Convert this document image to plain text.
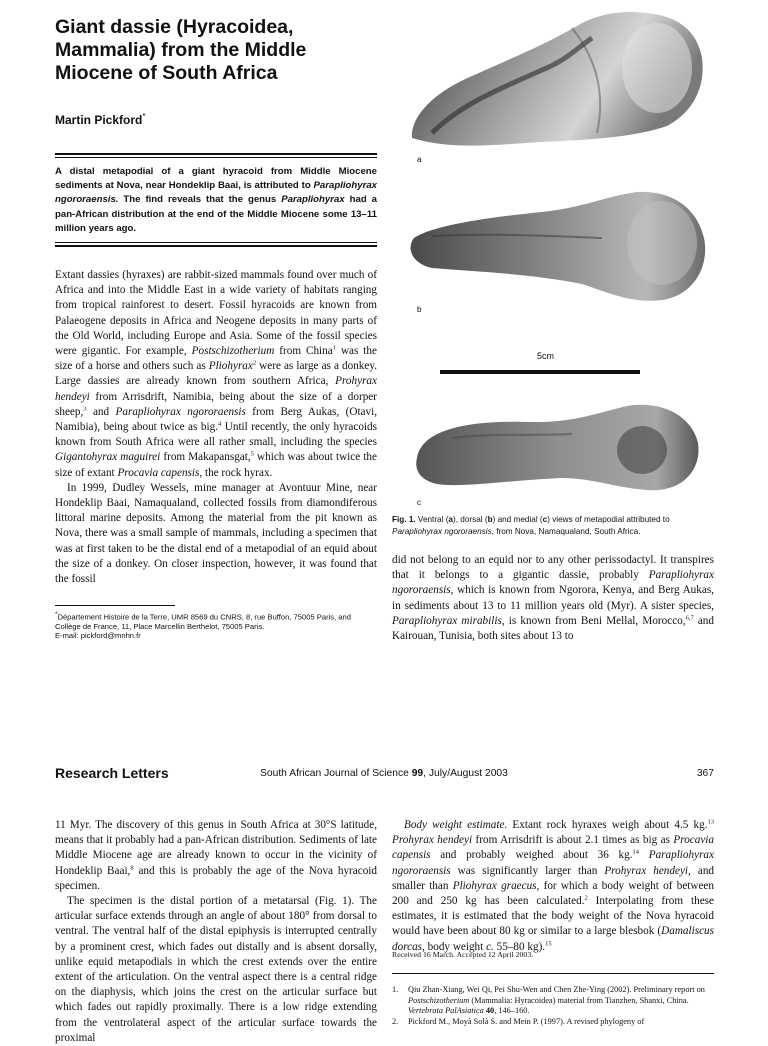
Giant dassie (Hyracoidea, Mammalia) from the Middle Miocene of South Africa
Martin Pickford*
A distal metapodial of a giant hyracoid from Middle Miocene sediments at Nova, near Hondeklip Baai, is attributed to Parapliohyrax ngororaensis. The find reveals that the genus Parapliohyrax had a pan-African distribution at the end of the Middle Miocene some 13–11 million years ago.

Extant dassies (hyraxes) are rabbit-sized mammals found over much of Africa and into the Middle East in a wide variety of habitats ranging from tropical rainforest to desert. Fossil hyracoids are known from Palaeogene deposits in Africa and Neogene deposits in many parts of the Old World, including Europe and Asia. Some of the fossil species were gigantic. For example, Postschizotherium from China$^1$ was the size of a horse and others such as Pliohyrax$^2$ were as large as a donkey. Large dassies are already known from southern Africa, Prohyrax hendeyi from Arrisdrift, Namibia, being about the size of a dorper sheep,$^3$ and Parapliohyrax ngororaensis from Berg Aukas, (Otavi, Namibia), being about twice as big.$^4$ Until recently, the only hyracoids known from South Africa were all rather small, including the species Gigantohyrax maguirei from Makapansgat,$^5$ which was about twice the size of extant Procavia capensis, the rock hyrax.

In 1999, Dudley Wessels, mine manager at Avontuur Mine, near Hondeklip Baai, Namaqualand, collected fossils from diamondiferous littoral marine deposits. Among the material from the pit known as Nova, there was a small sample of mammals, including a specimen that was at first taken to be the distal end of a metapodial of an equid about the size of a donkey. On closer inspection, however, it was found that the fossil

*Département Histoire de la Terre, UMR 8569 du CNRS, 8, rue Buffon, 75005 Paris, and Collège de France, 11, Place Marcellin Berthelot, 75005 Paris.
E-mail: pickford@mnhn.fr
a
b
5cm
c
Fig. 1. Ventral (a), dorsal (b) and medial (c) views of metapodial attributed to Parapliohyrax ngororaensis, from Nova, Namaqualand, South Africa.

did not belong to an equid nor to any other perissodactyl. It transpires that it belongs to a gigantic dassie, probably Parapliohyrax ngororaensis, which is known from Ngorora, Kenya, and Berg Aukas, in sediments about 13 to 11 million years old (Myr). A sister species, Parapliohyrax mirabilis, is known from Beni Mellal, Morocco,$^{6,7}$ and Kairouan, Tunisia, both sites about 13 to

Research Letters	South African Journal of Science 99, July/August 2003	367

11 Myr. The discovery of this genus in South Africa at 30°S latitude, means that it probably had a pan-African distribution. Sediments of late Middle Miocene age are already known to occur in the vicinity of Hondeklip Baai,$^8$ and this is probably the age of the Nova hyracoid specimen.

The specimen is the distal portion of a metatarsal (Fig. 1). The articular surface extends through an angle of about 180° from dorsal to ventral. The ventral half of the distal epiphysis is interrupted centrally by a prominent crest, which fades out distally and is absent dorsally, unlike equid metapodials in which the crest extends over the entire extent of the articulation. On the ventral aspect there is a central ridge on the diaphysis, which joins the crest on the articular surface but which fades out rapidly proximally. There is a low ridge extending from the ventrolateral aspect of the articular surface towards the proximal

Body weight estimate. Extant rock hyraxes weigh about 4.5 kg.$^{13}$ Prohyrax hendeyi from Arrisdrift is about 2.1 times as big as Procavia capensis and probably weighed about 36 kg.$^{14}$ Parapliohyrax ngororaensis was significantly larger than Prohyrax hendeyi, and smaller than Pliohyrax graecus, for which a body weight of between 200 and 250 kg has been calculated.$^2$ Interpolating from these estimates, it is estimated that the body weight of the Nova hyracoid would have been about 80 kg or similar to a large blesbok (Damaliscus dorcas, body weight c. 55–80 kg).$^{15}$

Received 16 March. Accepted 12 April 2003.
1.	Qiu Zhan-Xiang, Wei Qi, Pei Shu-Wen and Chen Zhe-Ying (2002). Preliminary report on Postschizotherium (Mammalia: Hyracoidea) material from Tianzhen, Shanxi, China. Vertebrata PalAsiatica 40, 146–160.
2.	Pickford M., Moyà Solà S. and Mein P. (1997). A revised phylogeny of
